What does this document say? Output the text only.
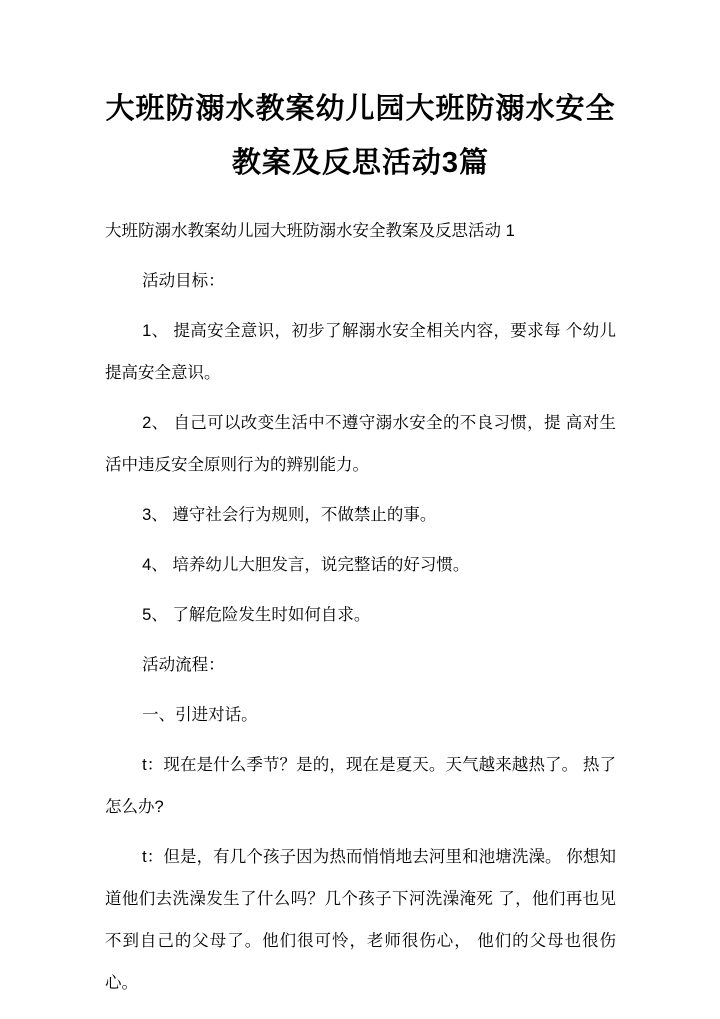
大班防溺水教案幼儿园大班防溺水安全教案及反思活动3篇

大班防溺水教案幼儿园大班防溺水安全教案及反思活动 1

活动目标：

1、 提高安全意识，初步了解溺水安全相关内容，要求每 个幼儿提高安全意识。

2、 自己可以改变生活中不遵守溺水安全的不良习惯，提 高对生活中违反安全原则行为的辨别能力。

3、 遵守社会行为规则，不做禁止的事。

4、 培养幼儿大胆发言，说完整话的好习惯。

5、 了解危险发生时如何自求。

活动流程：

一、引进对话。

t：现在是什么季节？是的，现在是夏天。天气越来越热了。 热了怎么办?

t：但是，有几个孩子因为热而悄悄地去河里和池塘洗澡。 你想知道他们去洗澡发生了什么吗？几个孩子下河洗澡淹死 了，他们再也见不到自己的父母了。他们很可怜，老师很伤心， 他们的父母也很伤心。
